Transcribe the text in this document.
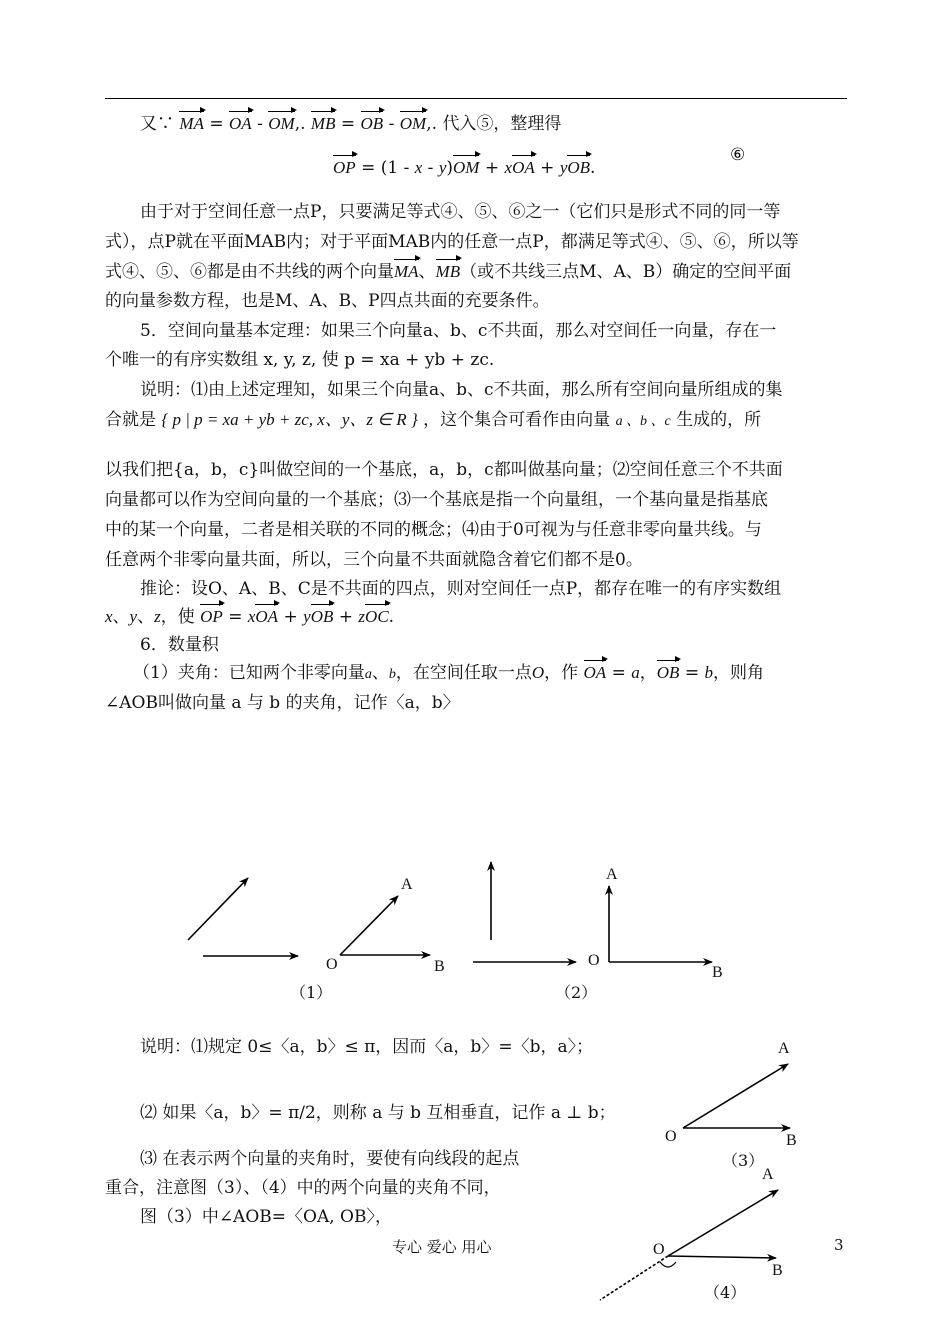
又∵ MA = OA - OM,. MB = OB - OM,. 代入⑤，整理得
OP = (1 - x - y)OM + xOA + yOB.
⑥
由于对于空间任意一点P，只要满足等式④、⑤、⑥之一（它们只是形式不同的同一等
式），点P就在平面MAB内；对于平面MAB内的任意一点P，都满足等式④、⑤、⑥，所以等
式④、⑤、⑥都是由不共线的两个向量MA、MB（或不共线三点M、A、B）确定的空间平面
的向量参数方程，也是M、A、B、P四点共面的充要条件。
5．空间向量基本定理：如果三个向量a、b、c不共面，那么对空间任一向量，存在一
个唯一的有序实数组 x, y, z, 使 p = xa + yb + zc.
说明：⑴由上述定理知，如果三个向量a、b、c不共面，那么所有空间向量所组成的集
合就是 { p | p = xa + yb + zc, x、y、z ∈ R } ，这个集合可看作由向量 a 、b 、c 生成的，所
以我们把{a，b，c}叫做空间的一个基底，a，b，c都叫做基向量；⑵空间任意三个不共面
向量都可以作为空间向量的一个基底；⑶一个基底是指一个向量组，一个基向量是指基底
中的某一个向量，二者是相关联的不同的概念；⑷由于0可视为与任意非零向量共线。与
任意两个非零向量共面，所以，三个向量不共面就隐含着它们都不是0。
推论：设O、A、B、C是不共面的四点，则对空间任一点P，都存在唯一的有序实数组
x、y、z，使 OP = xOA + yOB + zOC.
6．数量积
（1）夹角：已知两个非零向量a、b，在空间任取一点O，作 OA = a，OB = b，则角
∠AOB叫做向量 a 与 b 的夹角，记作〈a，b〉
A
O	B
（1）
A
O
B
（2）
A
O	B
（3）
A
O
B
（4）
说明：⑴规定 0≤〈a，b〉≤ π，因而〈a，b〉=〈b，a〉；
⑵ 如果〈a，b〉= π/2，则称 a 与 b 互相垂直，记作 a ⊥ b；
⑶ 在表示两个向量的夹角时，要使有向线段的起点
重合，注意图（3）、（4）中的两个向量的夹角不同，
图（3）中∠AOB=〈OA, OB〉，
专心 爱心 用心	3
